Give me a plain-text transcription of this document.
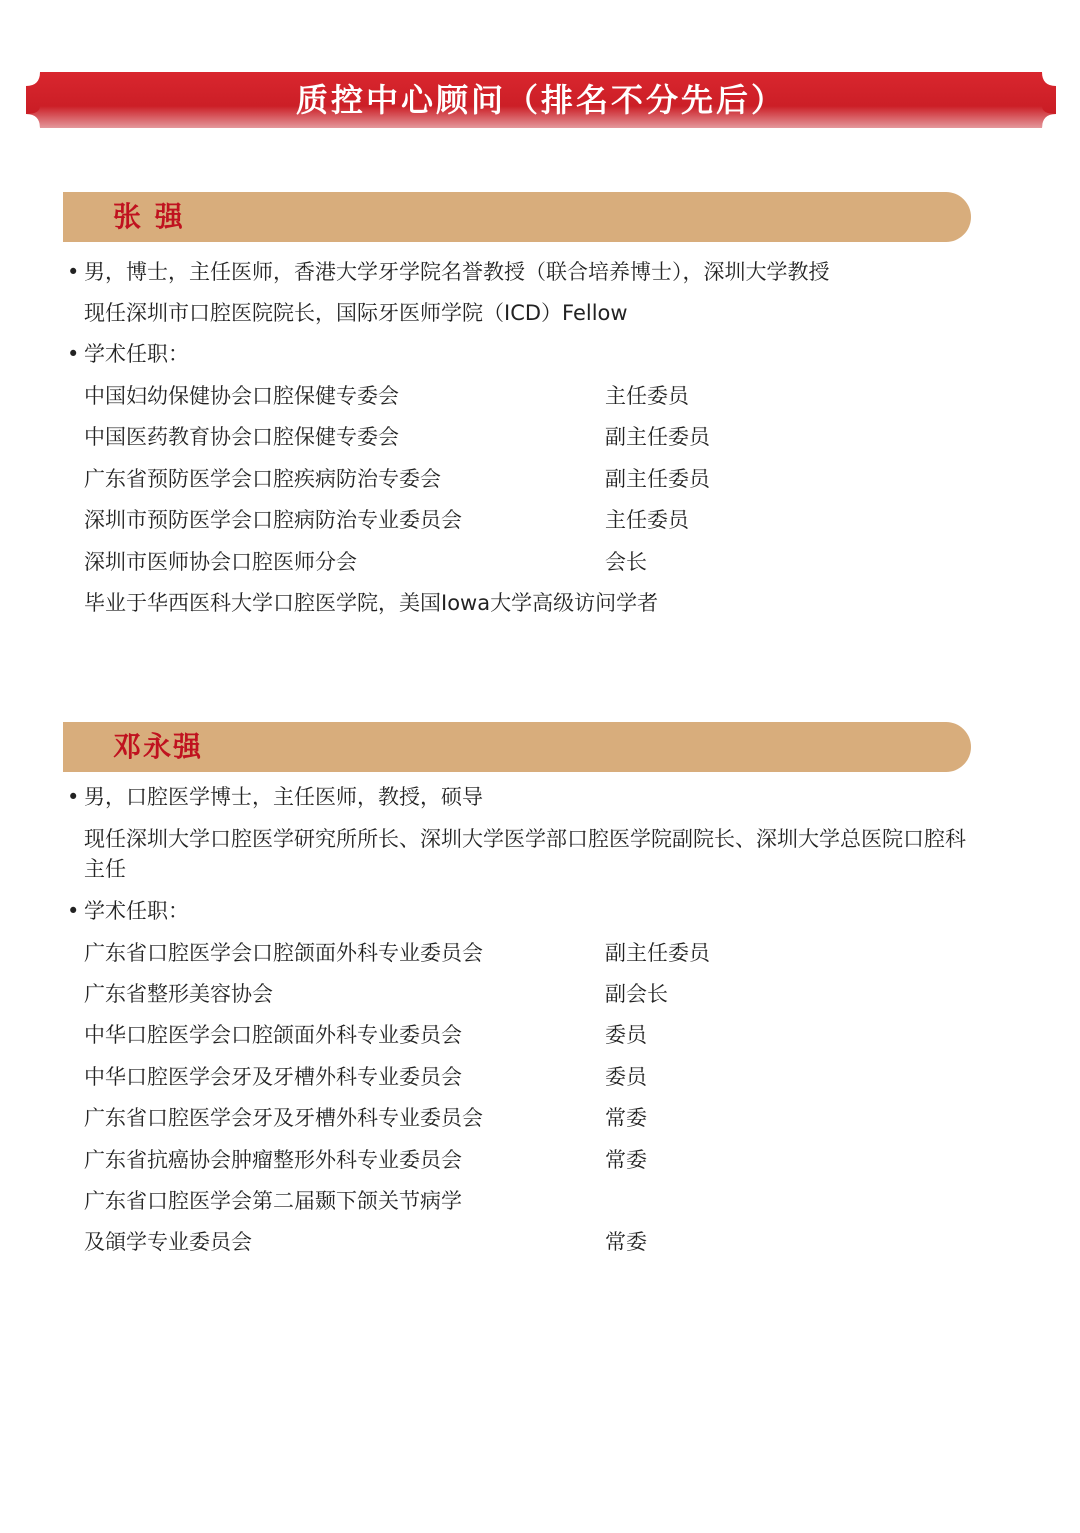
质控中心顾问（排名不分先后）
张 强
• 男，博士，主任医师，香港大学牙学院名誉教授（联合培养博士），深圳大学教授
现任深圳市口腔医院院长，国际牙医师学院（ICD）Fellow
• 学术任职：
中国妇幼保健协会口腔保健专委会	主任委员
中国医药教育协会口腔保健专委会	副主任委员
广东省预防医学会口腔疾病防治专委会	副主任委员
深圳市预防医学会口腔病防治专业委员会	主任委员
深圳市医师协会口腔医师分会	会长
毕业于华西医科大学口腔医学院，美国Iowa大学高级访问学者
邓永强
• 男，口腔医学博士，主任医师，教授，硕导
现任深圳大学口腔医学研究所所长、深圳大学医学部口腔医学院副院长、深圳大学总医院口腔科主任
• 学术任职：
广东省口腔医学会口腔颌面外科专业委员会	副主任委员
广东省整形美容协会	副会长
中华口腔医学会口腔颌面外科专业委员会	委员
中华口腔医学会牙及牙槽外科专业委员会	委员
广东省口腔医学会牙及牙槽外科专业委员会	常委
广东省抗癌协会肿瘤整形外科专业委员会	常委
广东省口腔医学会第二届颞下颌关节病学
及頜学专业委员会	常委
